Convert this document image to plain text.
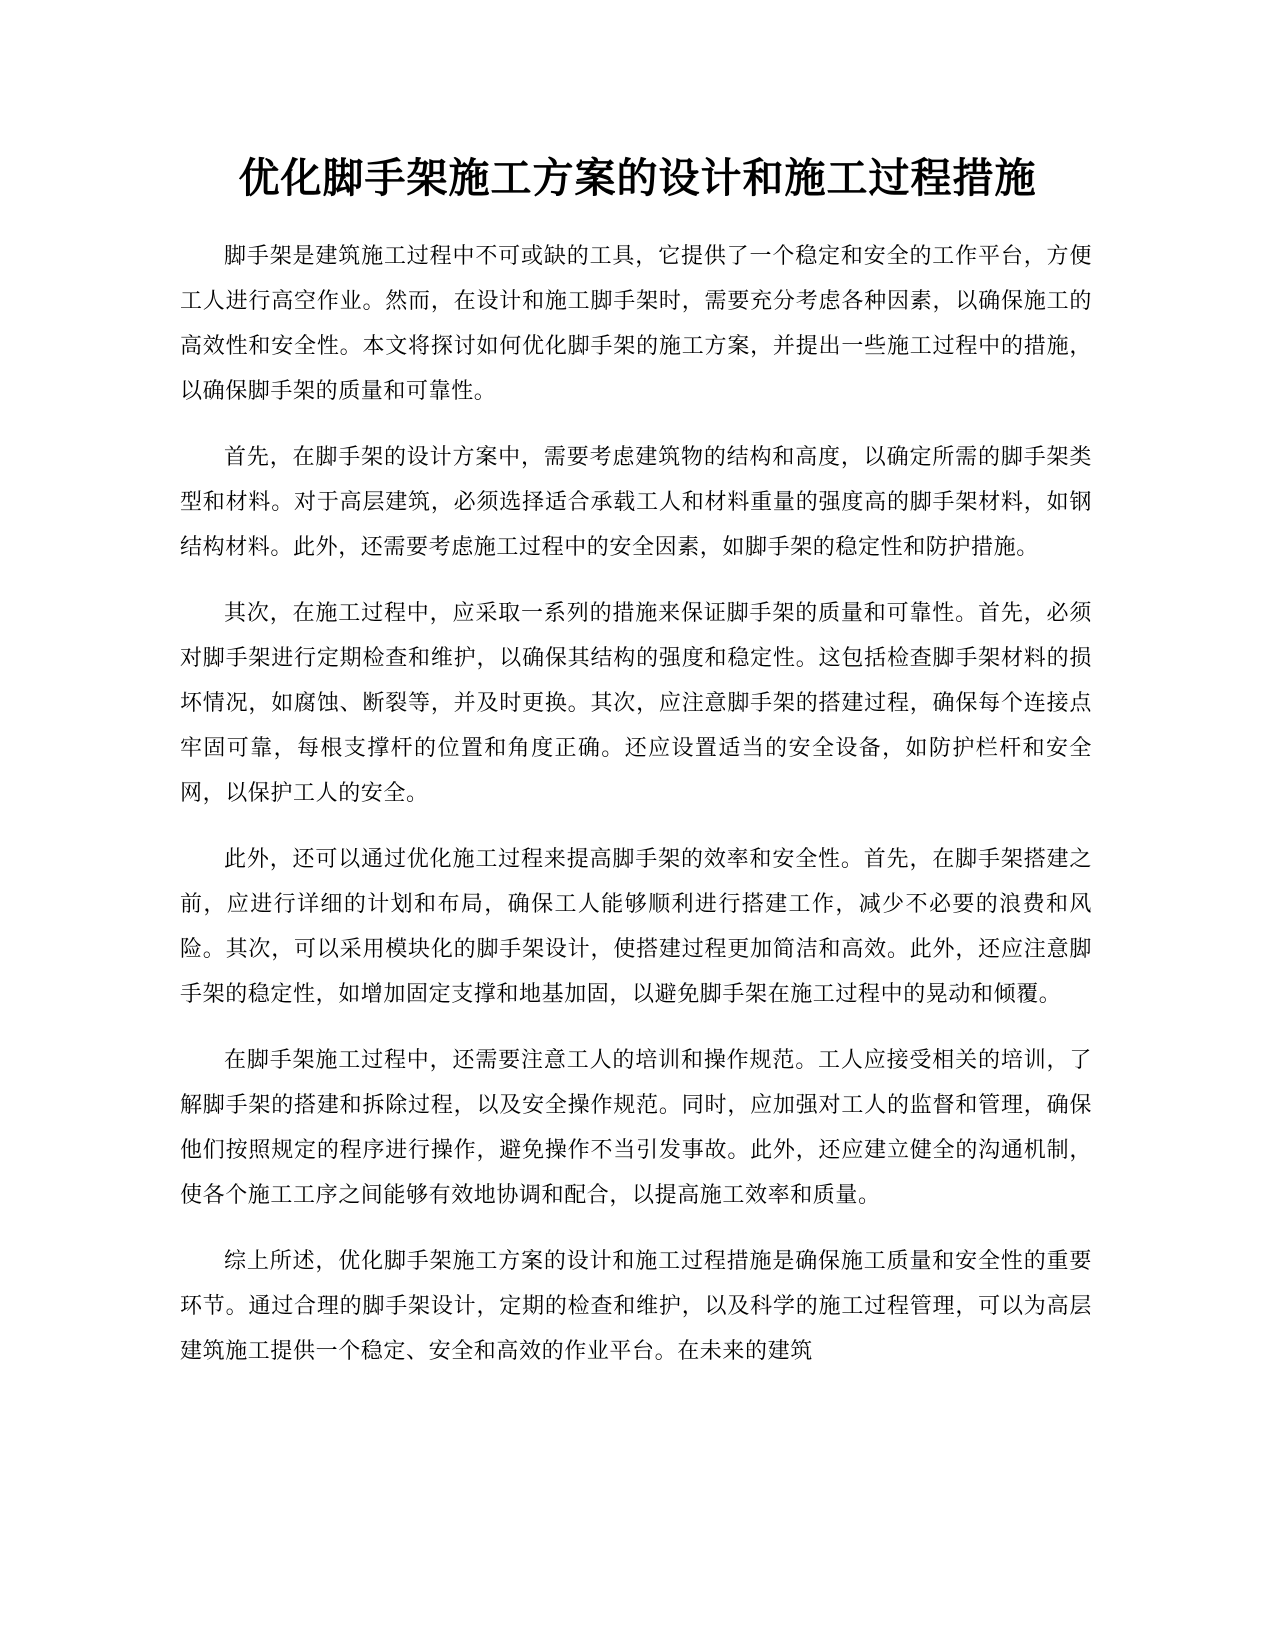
优化脚手架施工方案的设计和施工过程措施

脚手架是建筑施工过程中不可或缺的工具，它提供了一个稳定和安全的工作平台，方便工人进行高空作业。然而，在设计和施工脚手架时，需要充分考虑各种因素，以确保施工的高效性和安全性。本文将探讨如何优化脚手架的施工方案，并提出一些施工过程中的措施，以确保脚手架的质量和可靠性。

首先，在脚手架的设计方案中，需要考虑建筑物的结构和高度，以确定所需的脚手架类型和材料。对于高层建筑，必须选择适合承载工人和材料重量的强度高的脚手架材料，如钢结构材料。此外，还需要考虑施工过程中的安全因素，如脚手架的稳定性和防护措施。

其次，在施工过程中，应采取一系列的措施来保证脚手架的质量和可靠性。首先，必须对脚手架进行定期检查和维护，以确保其结构的强度和稳定性。这包括检查脚手架材料的损坏情况，如腐蚀、断裂等，并及时更换。其次，应注意脚手架的搭建过程，确保每个连接点牢固可靠，每根支撑杆的位置和角度正确。还应设置适当的安全设备，如防护栏杆和安全网，以保护工人的安全。

此外，还可以通过优化施工过程来提高脚手架的效率和安全性。首先，在脚手架搭建之前，应进行详细的计划和布局，确保工人能够顺利进行搭建工作，减少不必要的浪费和风险。其次，可以采用模块化的脚手架设计，使搭建过程更加简洁和高效。此外，还应注意脚手架的稳定性，如增加固定支撑和地基加固，以避免脚手架在施工过程中的晃动和倾覆。

在脚手架施工过程中，还需要注意工人的培训和操作规范。工人应接受相关的培训，了解脚手架的搭建和拆除过程，以及安全操作规范。同时，应加强对工人的监督和管理，确保他们按照规定的程序进行操作，避免操作不当引发事故。此外，还应建立健全的沟通机制，使各个施工工序之间能够有效地协调和配合，以提高施工效率和质量。

综上所述，优化脚手架施工方案的设计和施工过程措施是确保施工质量和安全性的重要环节。通过合理的脚手架设计，定期的检查和维护，以及科学的施工过程管理，可以为高层建筑施工提供一个稳定、安全和高效的作业平台。在未来的建筑
